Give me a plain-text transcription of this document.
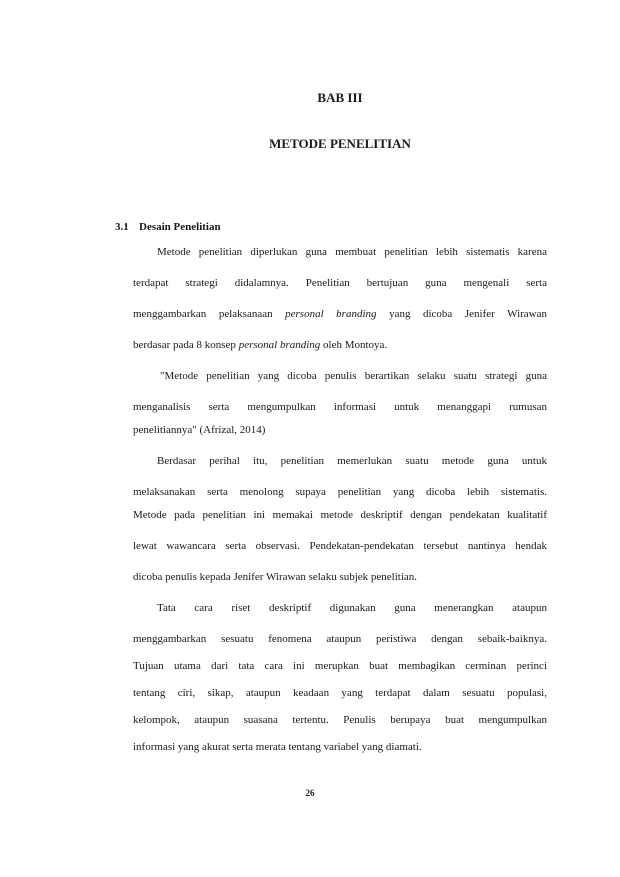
BAB III
METODE PENELITIAN
3.1 Desain Penelitian
Metode penelitian diperlukan guna membuat penelitian lebih sistematis karena
terdapat strategi didalamnya. Penelitian bertujuan guna mengenali serta
menggambarkan pelaksanaan personal branding yang dicoba Jenifer Wirawan
berdasar pada 8 konsep personal branding oleh Montoya.
"Metode penelitian yang dicoba penulis berartikan selaku suatu strategi guna
menganalisis serta mengumpulkan informasi untuk menanggapi rumusan
penelitiannya" (Afrizal, 2014)
Berdasar perihal itu, penelitian memerlukan suatu metode guna untuk
melaksanakan serta menolong supaya penelitian yang dicoba lebih sistematis.
Metode pada penelitian ini memakai metode deskriptif dengan pendekatan kualitatif
lewat wawancara serta observasi. Pendekatan-pendekatan tersebut nantinya hendak
dicoba penulis kepada Jenifer Wirawan selaku subjek penelitian.
Tata cara riset deskriptif digunakan guna menerangkan ataupun
menggambarkan sesuatu fenomena ataupun peristiwa dengan sebaik-baiknya.
Tujuan utama dari tata cara ini merupkan buat membagikan cerminan perinci
tentang ciri, sikap, ataupun keadaan yang terdapat dalam sesuatu populasi,
kelompok, ataupun suasana tertentu. Penulis berupaya buat mengumpulkan
informasi yang akurat serta merata tentang variabel yang diamati.
26
